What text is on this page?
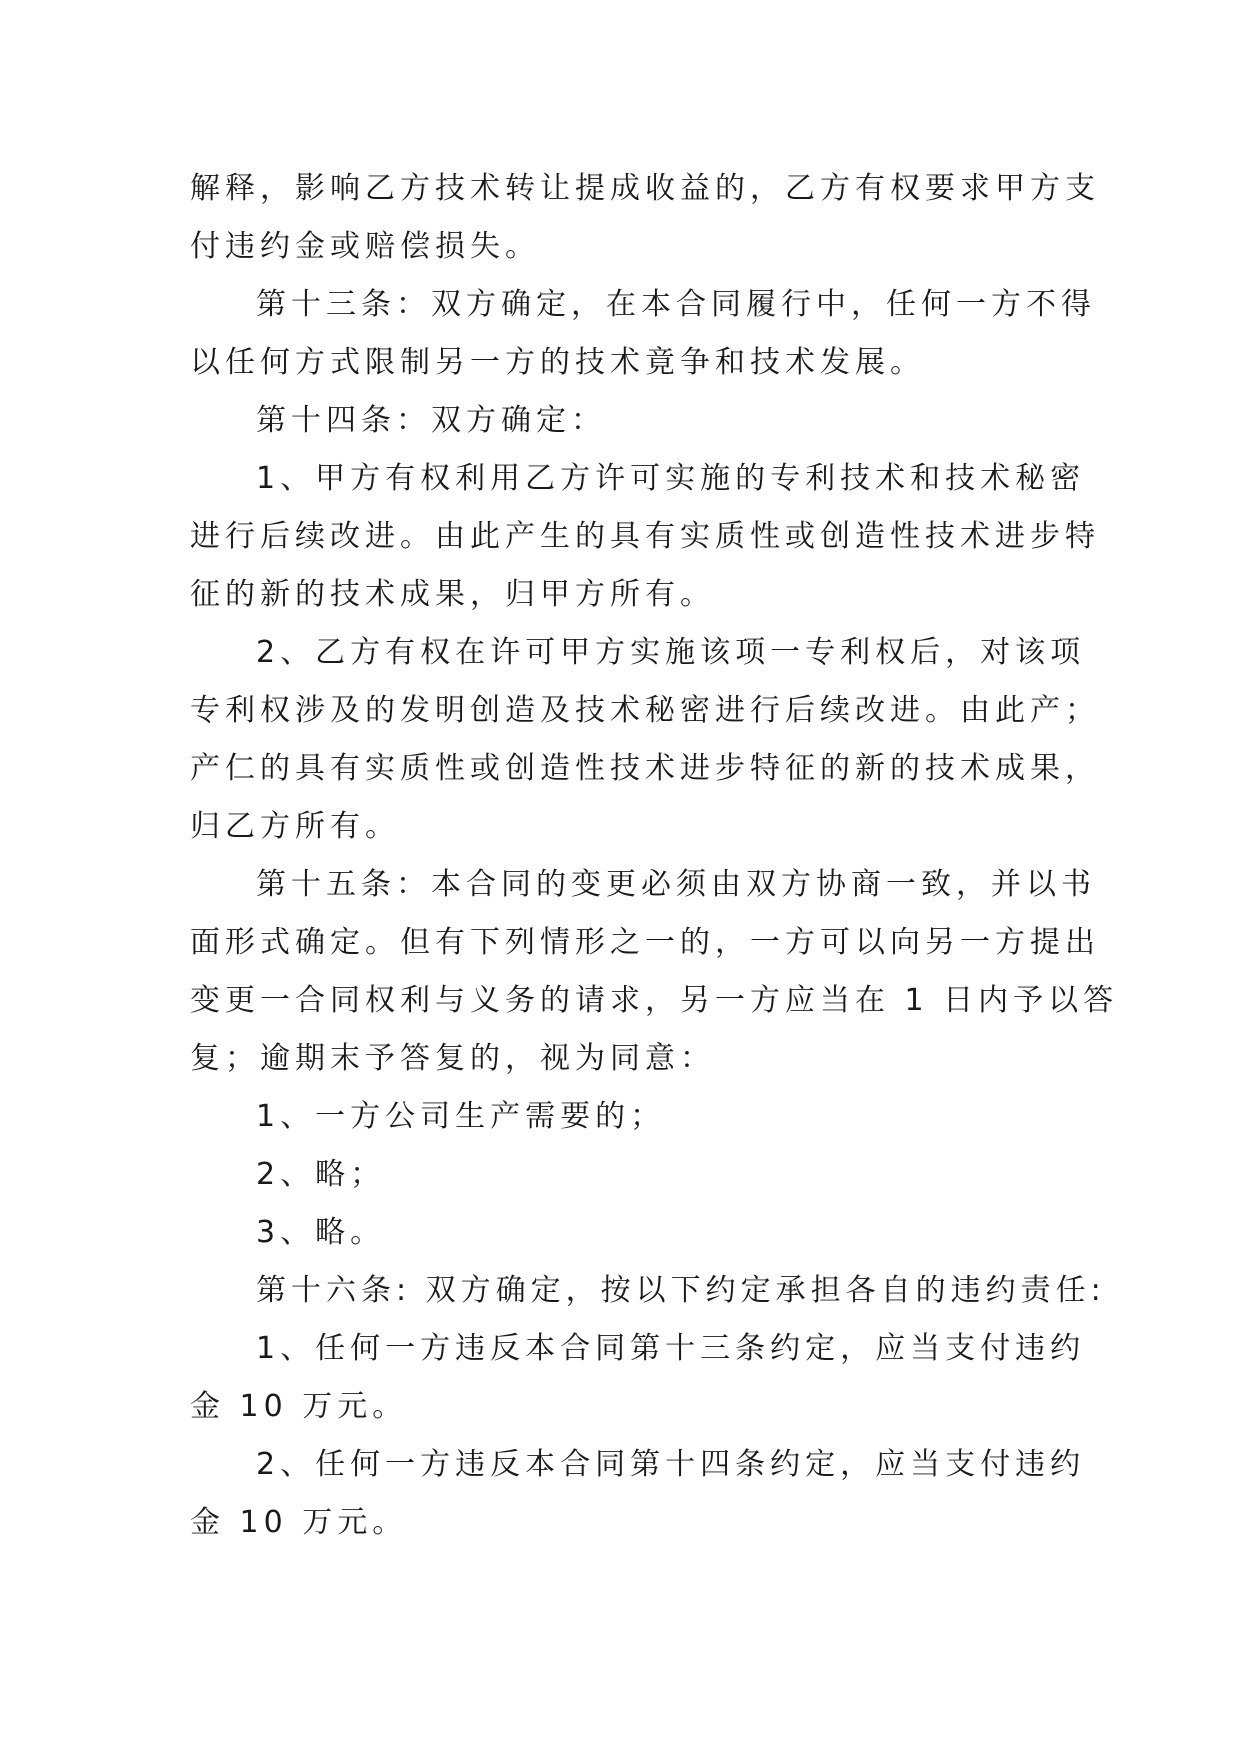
解释，影响乙方技术转让提成收益的，乙方有权要求甲方支
付违约金或赔偿损失。
第十三条：双方确定，在本合同履行中，任何一方不得
以任何方式限制另一方的技术竟争和技术发展。
第十四条：双方确定：
1、甲方有权利用乙方许可实施的专利技术和技术秘密
进行后续改进。由此产生的具有实质性或创造性技术进步特
征的新的技术成果，归甲方所有。
2、乙方有权在许可甲方实施该项一专利权后，对该项
专利权涉及的发明创造及技术秘密进行后续改进。由此产；
产仁的具有实质性或创造性技术进步特征的新的技术成果，
归乙方所有。
第十五条：本合同的变更必须由双方协商一致，并以书
面形式确定。但有下列情形之一的，一方可以向另一方提出
变更一合同权利与义务的请求，另一方应当在 1 日内予以答
复；逾期末予答复的，视为同意：
1、一方公司生产需要的；
2、略；
3、略。
第十六条: 双方确定，按以下约定承担各自的违约责任:
1、任何一方违反本合同第十三条约定，应当支付违约
金 10 万元。
2、任何一方违反本合同第十四条约定，应当支付违约
金 10 万元。
